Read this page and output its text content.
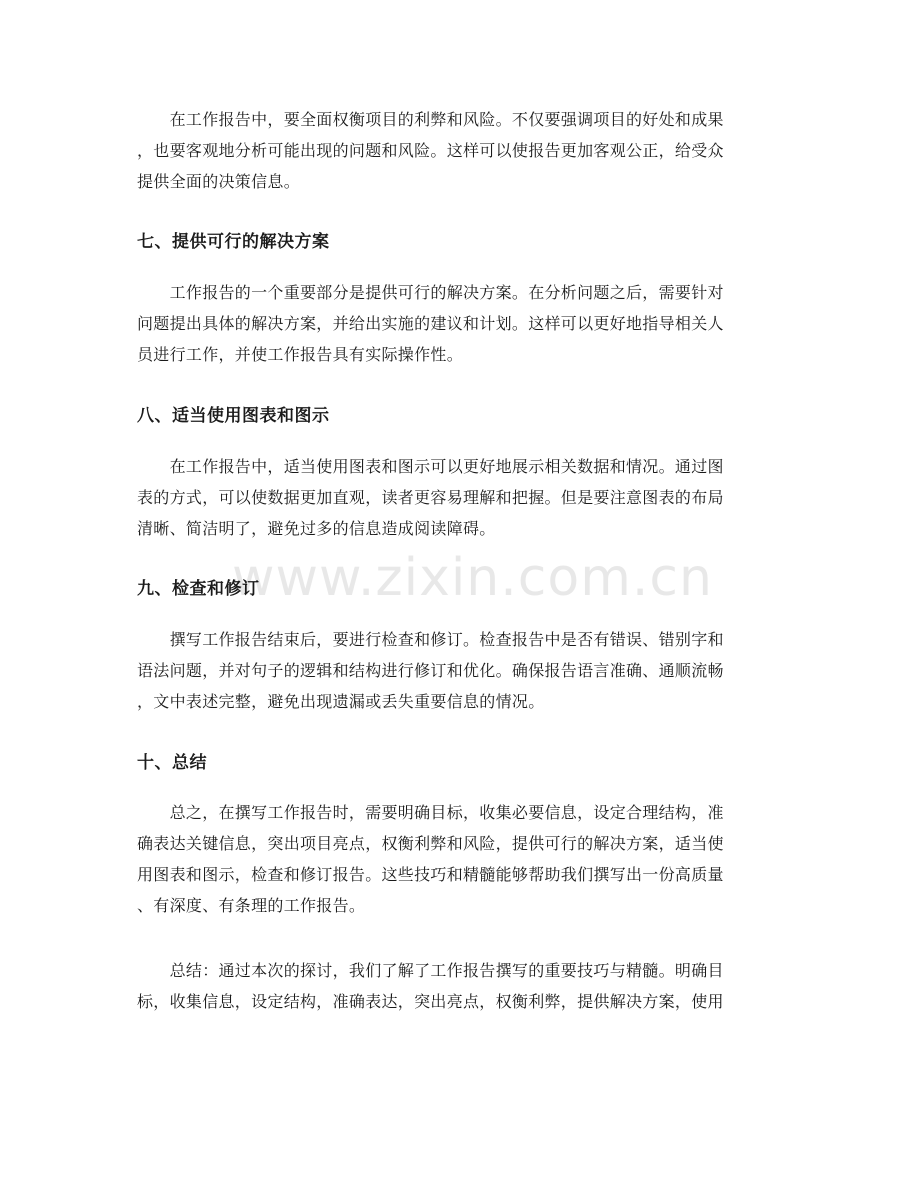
www.zixin.com.cn
　　在工作报告中，要全面权衡项目的利弊和风险。不仅要强调项目的好处和成果
，也要客观地分析可能出现的问题和风险。这样可以使报告更加客观公正，给受众
提供全面的决策信息。
七、提供可行的解决方案
　　工作报告的一个重要部分是提供可行的解决方案。在分析问题之后，需要针对
问题提出具体的解决方案，并给出实施的建议和计划。这样可以更好地指导相关人
员进行工作，并使工作报告具有实际操作性。
八、适当使用图表和图示
　　在工作报告中，适当使用图表和图示可以更好地展示相关数据和情况。通过图
表的方式，可以使数据更加直观，读者更容易理解和把握。但是要注意图表的布局
清晰、简洁明了，避免过多的信息造成阅读障碍。
九、检查和修订
　　撰写工作报告结束后，要进行检查和修订。检查报告中是否有错误、错别字和
语法问题，并对句子的逻辑和结构进行修订和优化。确保报告语言准确、通顺流畅
，文中表述完整，避免出现遗漏或丢失重要信息的情况。
十、总结
　　总之，在撰写工作报告时，需要明确目标，收集必要信息，设定合理结构，准
确表达关键信息，突出项目亮点，权衡利弊和风险，提供可行的解决方案，适当使
用图表和图示，检查和修订报告。这些技巧和精髓能够帮助我们撰写出一份高质量
、有深度、有条理的工作报告。
　　总结：通过本次的探讨，我们了解了工作报告撰写的重要技巧与精髓。明确目
标，收集信息，设定结构，准确表达，突出亮点，权衡利弊，提供解决方案，使用
